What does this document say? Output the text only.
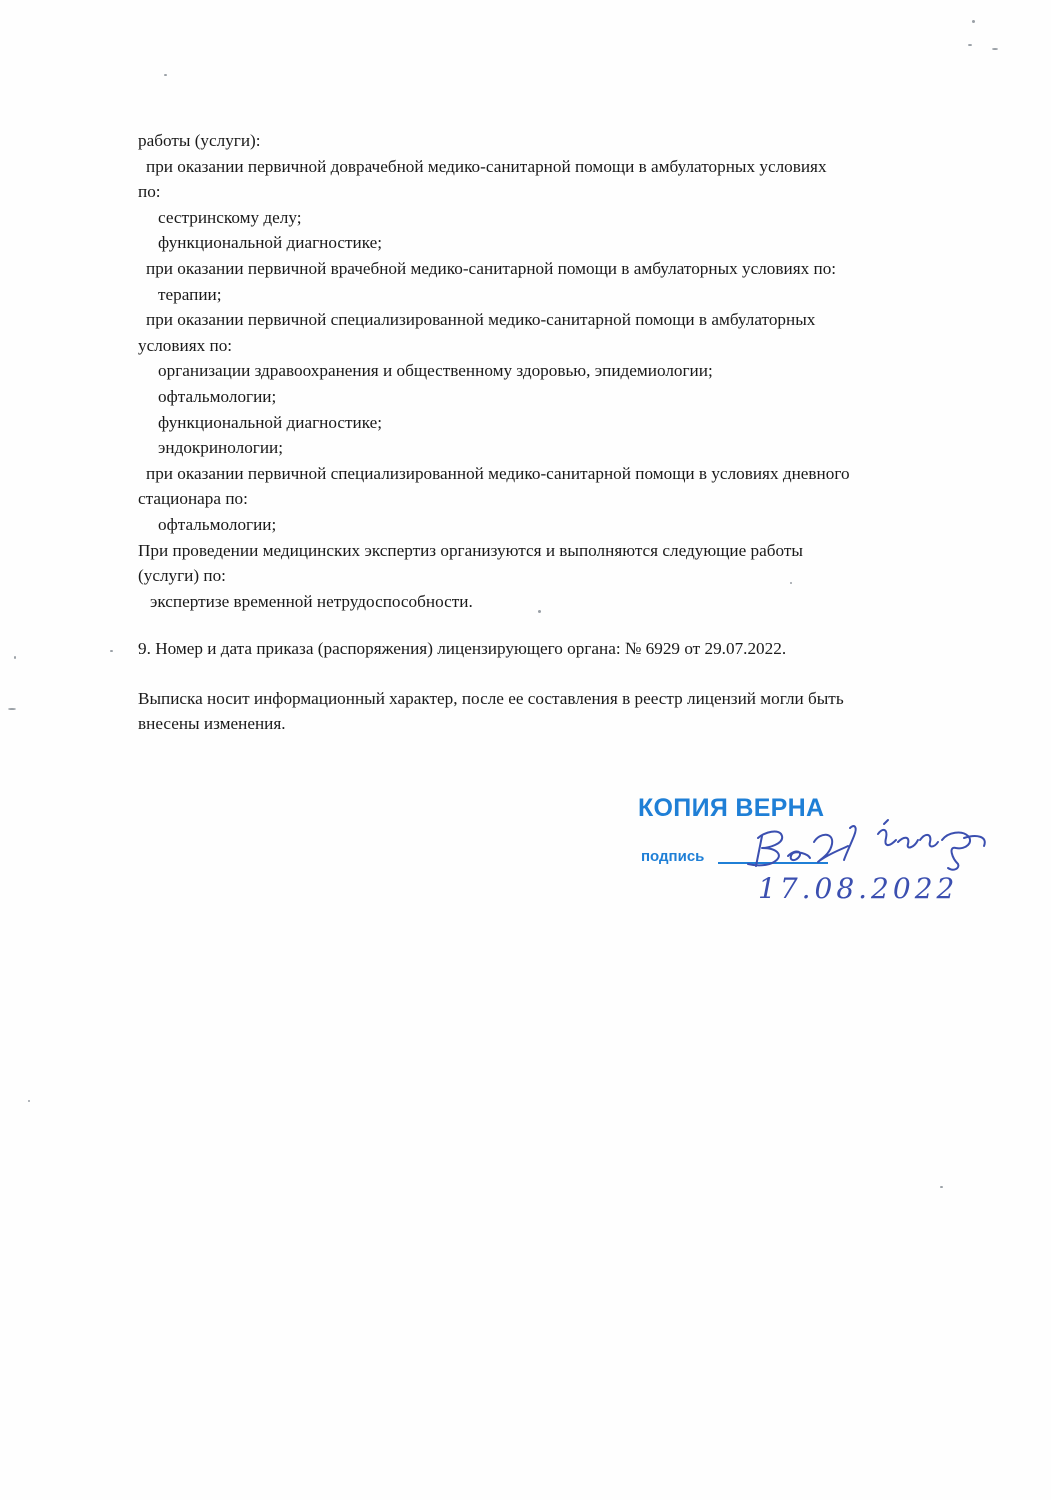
работы (услуги):
при оказании первичной доврачебной медико-санитарной помощи в амбулаторных условиях
по:
сестринскому делу;
функциональной диагностике;
при оказании первичной врачебной медико-санитарной помощи в амбулаторных условиях по:
терапии;
при оказании первичной специализированной медико-санитарной помощи в амбулаторных
условиях по:
организации здравоохранения и общественному здоровью, эпидемиологии;
офтальмологии;
функциональной диагностике;
эндокринологии;
при оказании первичной специализированной медико-санитарной помощи в условиях дневного
стационара по:
офтальмологии;
При проведении медицинских экспертиз организуются и выполняются следующие работы
(услуги) по:
экспертизе временной нетрудоспособности.
9. Номер и дата приказа (распоряжения) лицензирующего органа: № 6929 от 29.07.2022.
Выписка носит информационный характер, после ее составления в реестр лицензий могли быть
внесены изменения.
КОПИЯ ВЕРНА
подпись
17.08.2022
